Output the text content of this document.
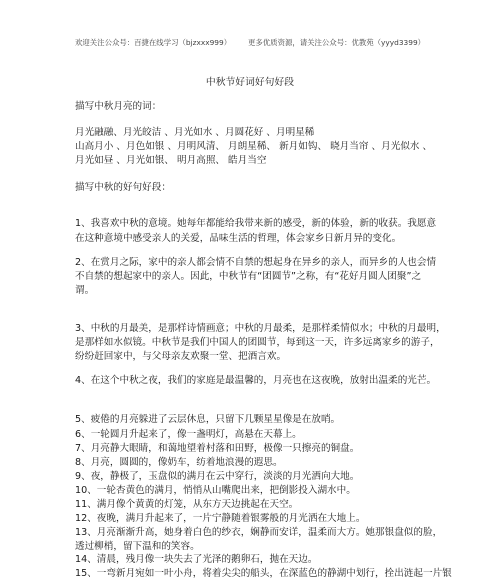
欢迎关注公众号：百捷在线学习（bjzxxx999） 更多优质资源，请关注公众号：优教苑（yyyd3399）
中秋节好词好句好段
描写中秋月亮的词：
月光融融、月光皎洁 、月光如水 、月圆花好 、月明星稀
山高月小 、月色如银 、月明风清、 月朗星稀、 新月如钩、 晓月当帘 、月光似水 、
月光如昼 、月光如银、 明月高照、 皓月当空
描写中秋的好句好段：
1、我喜欢中秋的意境。她每年都能给我带来新的感受，新的体验，新的收获。我愿意
在这种意境中感受亲人的关爱，品味生活的哲理，体会家乡日新月异的变化。
2、在赏月之际，家中的亲人都会情不自禁的想起身在异乡的亲人，而异乡的人也会情
不自禁的想起家中的亲人。因此，中秋节有“团圆节”之称，有“花好月圆人团聚”之
谓。
3、中秋的月最美，是那样诗情画意；中秋的月最柔，是那样柔情似水；中秋的月最明，
是那样如水似镜。中秋节是我们中国人的团圆节，每到这一天，许多远离家乡的游子，
纷纷赶回家中，与父母亲友欢聚一堂、把酒言欢。
4、在这个中秋之夜，我们的家庭是最温馨的，月亮也在这夜晚，放射出温柔的光芒。
5、疲倦的月亮躲进了云层休息，只留下几颗星星像是在放哨。
6、一轮圆月升起来了，像一盏明灯，高悬在天幕上。
7、月亮静大眼睛，和蔼地望着村落和田野，极像一只擦亮的铜盘。
8、月亮，圆圆的，像奶车，纺着地浪漫的遐思。
9、夜，静极了，玉盘似的满月在云中穿行，淡淡的月光洒向大地。
10、一轮杏黄色的满月，悄悄从山嘴爬出来，把倒影投入湖水中。
11、满月像个黄黄的灯笼，从东方天边挑起在天空。
12、夜晚，满月升起来了，一片宁静随着银雾般的月光洒在大地上。
13、月亮渐渐升高，她身着白色的纱衣，娴静而安详，温柔而大方。她那银盘似的脸，
透过柳梢，留下温和的笑容。
14、清晨，残月像一块失去了光泽的鹅卵石，抛在天边。
15、一弯新月宛如一叶小舟，将着尖尖的船头，在深蓝色的静湖中划行，拴出涟起一片银
